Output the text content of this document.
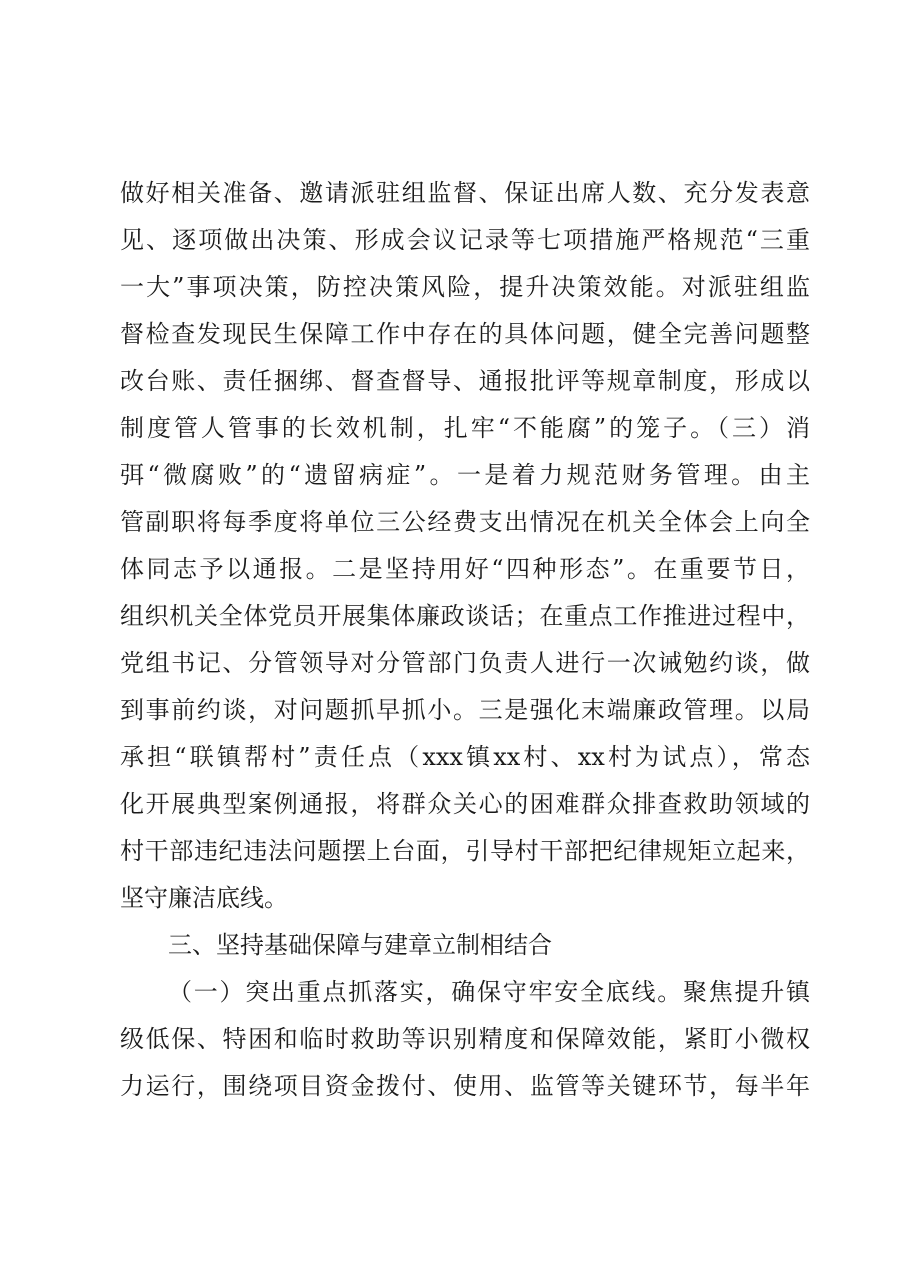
做好相关准备、邀请派驻组监督、保证出席人数、充分发表意
见、逐项做出决策、形成会议记录等七项措施严格规范“三重
一大”事项决策，防控决策风险，提升决策效能。对派驻组监
督检查发现民生保障工作中存在的具体问题，健全完善问题整
改台账、责任捆绑、督查督导、通报批评等规章制度，形成以
制度管人管事的长效机制，扎牢“不能腐”的笼子。（三）消
弭“微腐败”的“遗留病症”。一是着力规范财务管理。由主
管副职将每季度将单位三公经费支出情况在机关全体会上向全
体同志予以通报。二是坚持用好“四种形态”。在重要节日，
组织机关全体党员开展集体廉政谈话；在重点工作推进过程中，
党组书记、分管领导对分管部门负责人进行一次诫勉约谈，做
到事前约谈，对问题抓早抓小。三是强化末端廉政管理。以局
承担“联镇帮村”责任点（xxx镇xx村、xx村为试点），常态
化开展典型案例通报，将群众关心的困难群众排查救助领域的
村干部违纪违法问题摆上台面，引导村干部把纪律规矩立起来，
坚守廉洁底线。
三、坚持基础保障与建章立制相结合
（一）突出重点抓落实，确保守牢安全底线。聚焦提升镇
级低保、特困和临时救助等识别精度和保障效能，紧盯小微权
力运行，围绕项目资金拨付、使用、监管等关键环节，每半年
